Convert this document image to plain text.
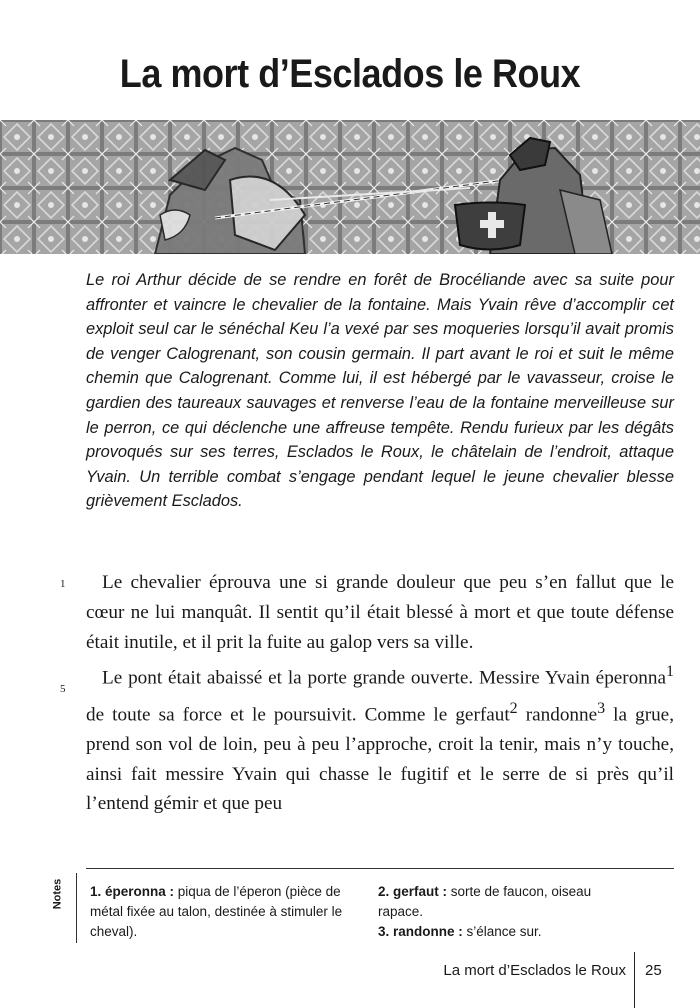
La mort d’Esclados le Roux
Le roi Arthur décide de se rendre en forêt de Brocéliande avec sa suite pour affronter et vaincre le chevalier de la fontaine. Mais Yvain rêve d’accomplir cet exploit seul car le sénéchal Keu l’a vexé par ses moqueries lorsqu’il avait promis de venger Calogrenant, son cousin germain. Il part avant le roi et suit le même chemin que Calogrenant. Comme lui, il est hébergé par le vavasseur, croise le gardien des taureaux sauvages et renverse l’eau de la fontaine merveilleuse sur le perron, ce qui déclenche une affreuse tempête. Rendu furieux par les dégâts provoqués sur ses terres, Esclados le Roux, le châtelain de l’endroit, attaque Yvain. Un terrible combat s’engage pendant lequel le jeune chevalier blesse grièvement Esclados.
1
5

Le chevalier éprouva une si grande douleur que peu s’en fallut que le cœur ne lui manquât. Il sentit qu’il était blessé à mort et que toute défense était inutile, et il prit la fuite au galop vers sa ville.

Le pont était abaissé et la porte grande ouverte. Messire Yvain éperonna$^1$ de toute sa force et le poursuivit. Comme le gerfaut$^2$ randonne$^3$ la grue, prend son vol de loin, peu à peu l’approche, croit la tenir, mais n’y touche, ainsi fait messire Yvain qui chasse le fugitif et le serre de si près qu’il l’entend gémir et que peu

Notes 1. éperonna : piqua de l’éperon (pièce de métal fixée au talon, destinée à stimuler le cheval).
2. gerfaut : sorte de faucon, oiseau rapace.
3. randonne : s’élance sur.
La mort d’Esclados le Roux 25
